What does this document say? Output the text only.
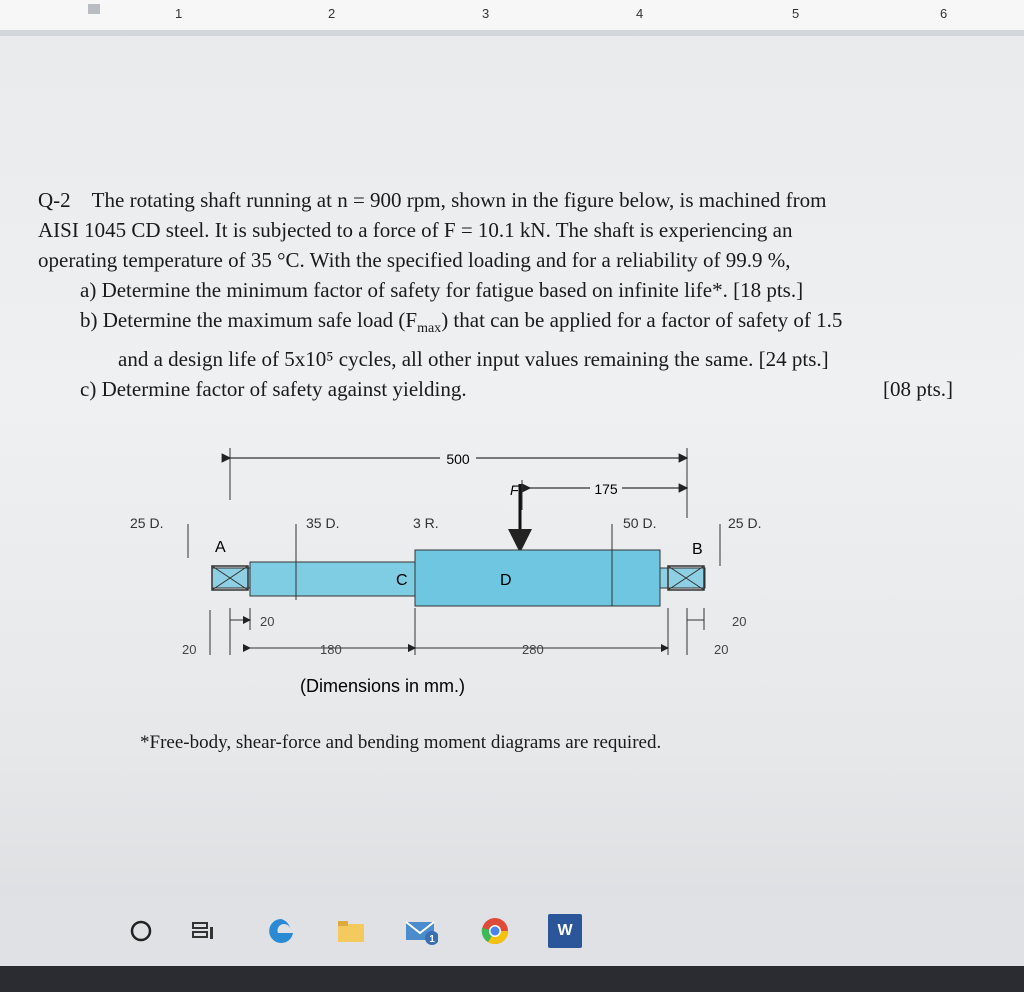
1	2	3	4	5	6

Q-2 The rotating shaft running at n = 900 rpm, shown in the figure below, is machined from

AISI 1045 CD steel. It is subjected to a force of F = 10.1 kN. The shaft is experiencing an

operating temperature of 35 °C. With the specified loading and for a reliability of 99.9 %,

a) Determine the minimum factor of safety for fatigue based on infinite life*. [18 pts.]

b) Determine the maximum safe load $(F_{max})$ that can be applied for a factor of safety of 1.5

and a design life of 5x10⁵ cycles, all other input values remaining the same. [24 pts.]

c) Determine factor of safety against yielding.	[08 pts.]

500
175
F
A	B
C	D
25 D.	35 D.	3 R.	50 D.	25 D.
20	20
180	280
20	20
(Dimensions in mm.)
*Free-body, shear-force and bending moment diagrams are required.
1
W
